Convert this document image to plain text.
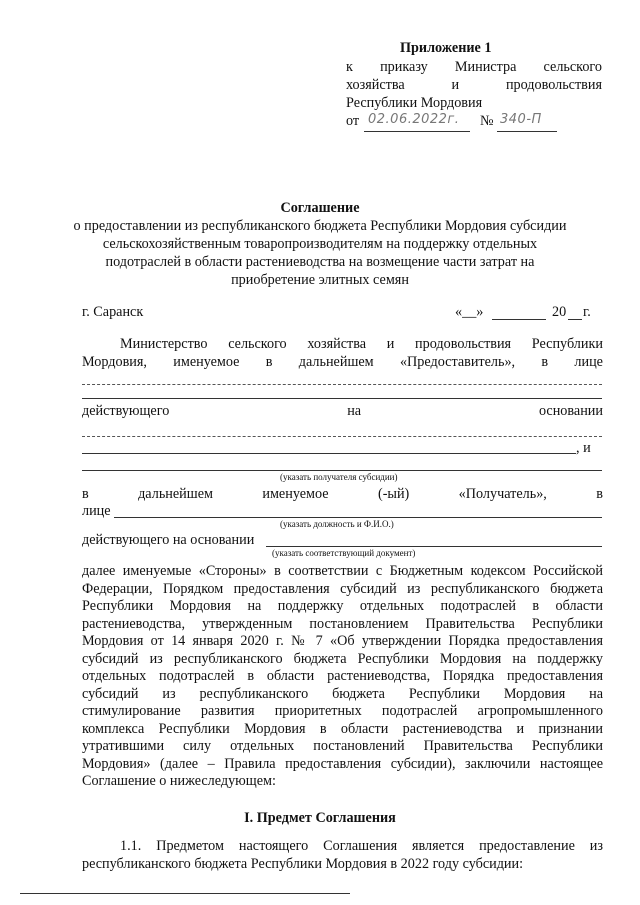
Приложение 1
к приказу Министра сельского
хозяйства	и	продовольствия
Республики Мордовия
от 02.06.2022г. № 340-П
Соглашение
о предоставлении из республиканского бюджета Республики Мордовия субсидии
сельскохозяйственным товаропроизводителям на поддержку отдельных
подотраслей в области растениеводства на возмещение части затрат на
приобретение элитных семян
г. Саранск	«__»	20 г.
Министерство сельского хозяйства и продовольствия Республики
Мордовия, именуемое в дальнейшем «Предоставитель», в лице
действующего	на	основании
, и
(указать получателя субсидии)
в	дальнейшем	именуемое	(-ый)	«Получатель»,	в
лице
(указать должность и Ф.И.О.)
действующего на основании
(указать соответствующий документ)
далее именуемые «Стороны» в соответствии с Бюджетным кодексом Российской
Федерации, Порядком предоставления субсидий из республиканского бюджета
Республики Мордовия на поддержку отдельных подотраслей в области
растениеводства, утвержденным постановлением Правительства Республики
Мордовия от 14 января 2020 г. № 7 «Об утверждении Порядка предоставления
субсидий из республиканского бюджета Республики Мордовия на поддержку
отдельных подотраслей в области растениеводства, Порядка предоставления
субсидий из республиканского бюджета Республики Мордовия на
стимулирование развития приоритетных подотраслей агропромышленного
комплекса Республики Мордовия в области растениеводства и признании
утратившими силу отдельных постановлений Правительства Республики
Мордовия» (далее – Правила предоставления субсидии), заключили настоящее
Соглашение о нижеследующем:
I. Предмет Соглашения
1.1. Предметом настоящего Соглашения является предоставление из
республиканского бюджета Республики Мордовия в 2022 году субсидии:
